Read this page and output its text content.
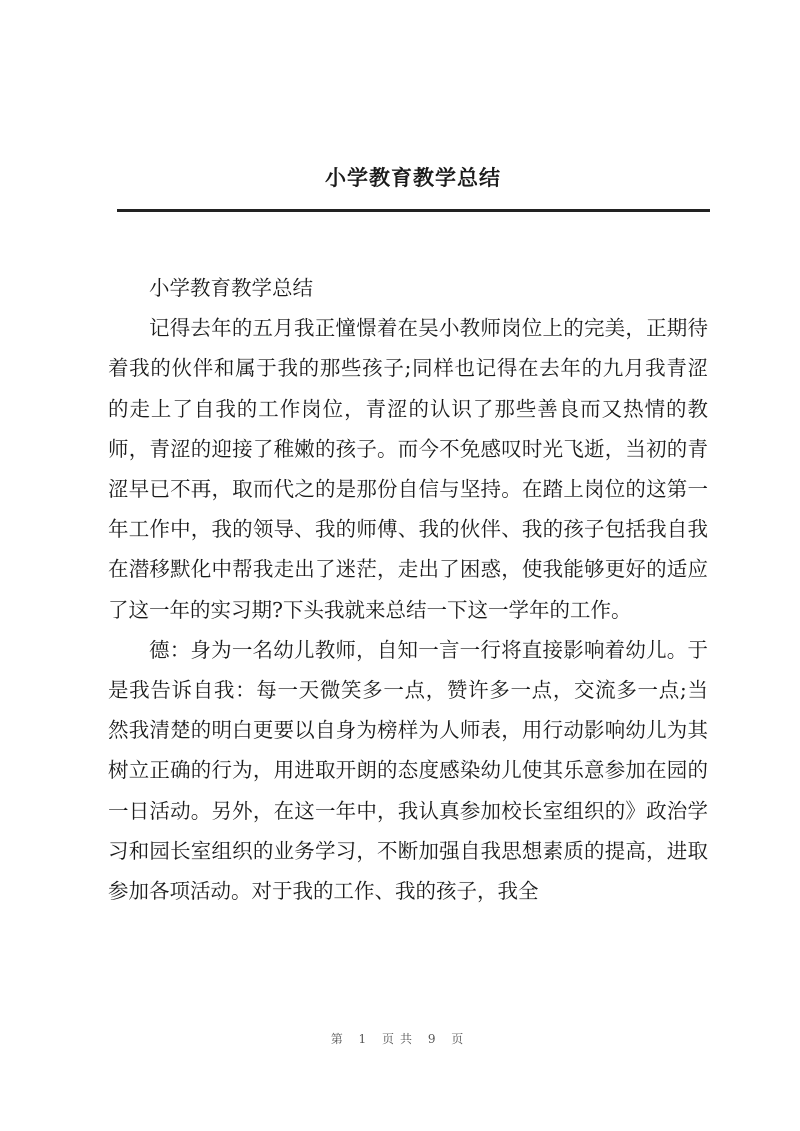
小学教育教学总结

小学教育教学总结

记得去年的五月我正憧憬着在吴小教师岗位上的完美，正期待着我的伙伴和属于我的那些孩子;同样也记得在去年的九月我青涩的走上了自我的工作岗位，青涩的认识了那些善良而又热情的教师，青涩的迎接了稚嫩的孩子。而今不免感叹时光飞逝，当初的青涩早已不再，取而代之的是那份自信与坚持。在踏上岗位的这第一年工作中，我的领导、我的师傅、我的伙伴、我的孩子包括我自我在潜移默化中帮我走出了迷茫，走出了困惑，使我能够更好的适应了这一年的实习期?下头我就来总结一下这一学年的工作。

德：身为一名幼儿教师，自知一言一行将直接影响着幼儿。于是我告诉自我：每一天微笑多一点，赞许多一点，交流多一点;当然我清楚的明白更要以自身为榜样为人师表，用行动影响幼儿为其树立正确的行为，用进取开朗的态度感染幼儿使其乐意参加在园的一日活动。另外，在这一年中，我认真参加校长室组织的》政治学习和园长室组织的业务学习，不断加强自我思想素质的提高，进取参加各项活动。对于我的工作、我的孩子，我全

第 1 页共 9 页
